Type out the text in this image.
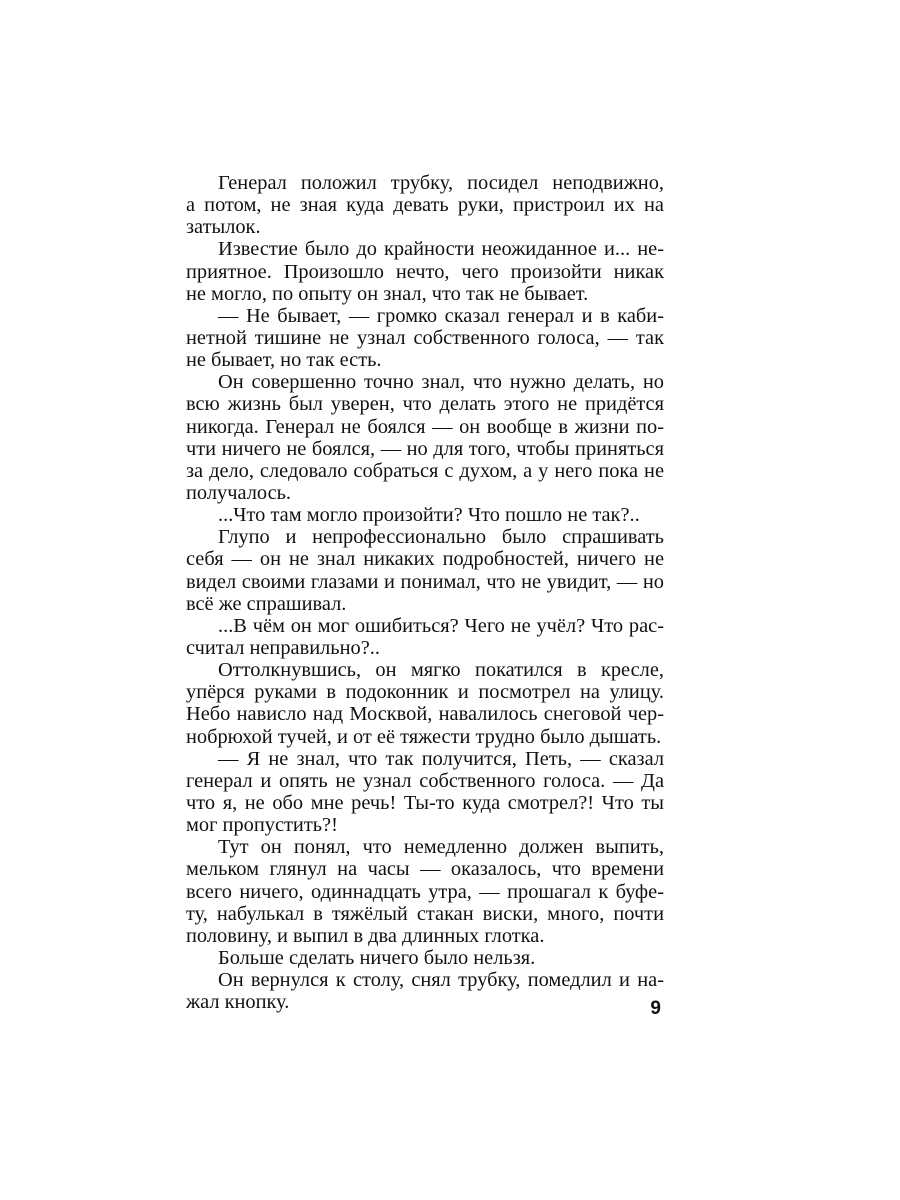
Генерал положил трубку, посидел неподвижно,
а потом, не зная куда девать руки, пристроил их на
затылок.
Известие было до крайности неожиданное и... не-
приятное. Произошло нечто, чего произойти никак
не могло, по опыту он знал, что так не бывает.
— Не бывает, — громко сказал генерал и в каби-
нетной тишине не узнал собственного голоса, — так
не бывает, но так есть.
Он совершенно точно знал, что нужно делать, но
всю жизнь был уверен, что делать этого не придётся
никогда. Генерал не боялся — он вообще в жизни по-
чти ничего не боялся, — но для того, чтобы приняться
за дело, следовало собраться с духом, а у него пока не
получалось.
...Что там могло произойти? Что пошло не так?..
Глупо и непрофессионально было спрашивать
себя — он не знал никаких подробностей, ничего не
видел своими глазами и понимал, что не увидит, — но
всё же спрашивал.
...В чём он мог ошибиться? Чего не учёл? Что рас-
считал неправильно?..
Оттолкнувшись, он мягко покатился в кресле,
упёрся руками в подоконник и посмотрел на улицу.
Небо нависло над Москвой, навалилось снеговой чер-
нобрюхой тучей, и от её тяжести трудно было дышать.
— Я не знал, что так получится, Петь, — сказал
генерал и опять не узнал собственного голоса. — Да
что я, не обо мне речь! Ты-то куда смотрел?! Что ты
мог пропустить?!
Тут он понял, что немедленно должен выпить,
мельком глянул на часы — оказалось, что времени
всего ничего, одиннадцать утра, — прошагал к буфе-
ту, набулькал в тяжёлый стакан виски, много, почти
половину, и выпил в два длинных глотка.
Больше сделать ничего было нельзя.
Он вернулся к столу, снял трубку, помедлил и на-
жал кнопку.	9
